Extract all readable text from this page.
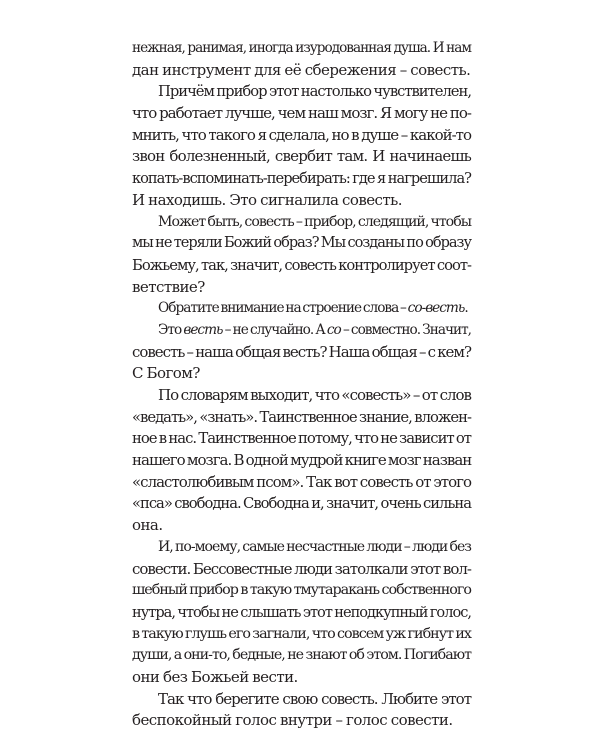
нежная, ранимая, иногда изуродованная душа. И нам
дан инструмент для её сбережения – совесть.
Причём прибор этот настолько чувствителен,
что работает лучше, чем наш мозг. Я могу не по-
мнить, что такого я сделала, но в душе – какой-то
звон болезненный, свербит там. И начинаешь
копать-вспоминать-перебирать: где я нагрешила?
И находишь. Это сигналила совесть.
Может быть, совесть – прибор, следящий, чтобы
мы не теряли Божий образ? Мы созданы по образу
Божьему, так, значит, совесть контролирует соот-
ветствие?
Обратите внимание на строение слова – со-весть.
Это весть – не случайно. А со – совместно. Значит,
совесть – наша общая весть? Наша общая – с кем?
С Богом?
По словарям выходит, что «совесть» – от слов
«ведать», «знать». Таинственное знание, вложен-
ное в нас. Таинственное потому, что не зависит от
нашего мозга. В одной мудрой книге мозг назван
«сластолюбивым псом». Так вот совесть от этого
«пса» свободна. Свободна и, значит, очень сильна
она.
И, по-моему, самые несчастные люди – люди без
совести. Бессовестные люди затолкали этот вол-
шебный прибор в такую тмутаракань собственного
нутра, чтобы не слышать этот неподкупный голос,
в такую глушь его загнали, что совсем уж гибнут их
души, а они-то, бедные, не знают об этом. Погибают
они без Божьей вести.
Так что берегите свою совесть. Любите этот
беспокойный голос внутри – голос совести.
